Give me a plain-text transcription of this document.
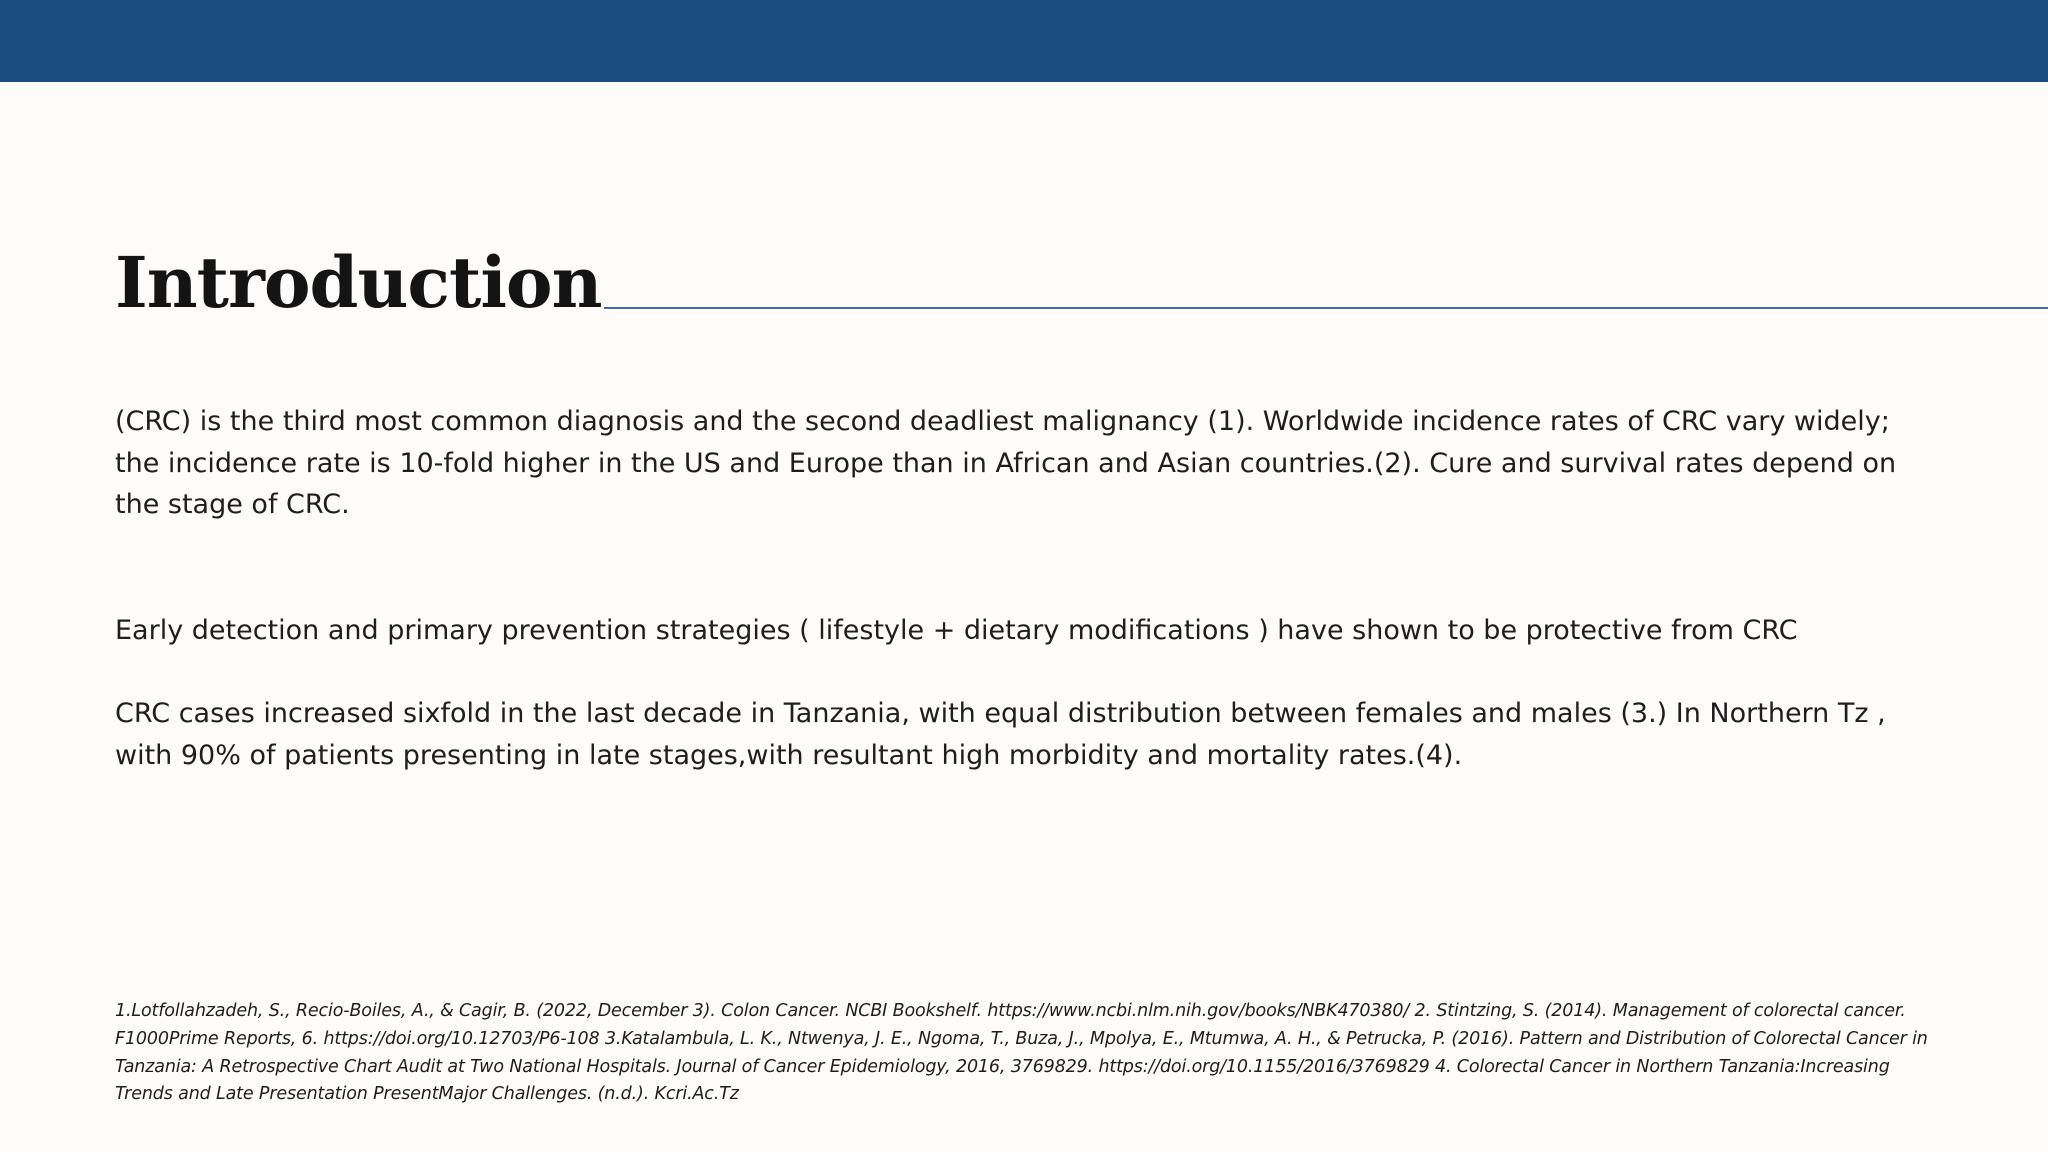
Introduction

(CRC) is the third most common diagnosis and the second deadliest malignancy (1). Worldwide incidence rates of CRC vary widely; the incidence rate is 10-fold higher in the US and Europe than in African and Asian countries.(2). Cure and survival rates depend on the stage of CRC.

Early detection and primary prevention strategies ( lifestyle + dietary modifications ) have shown to be protective from CRC

CRC cases increased sixfold in the last decade in Tanzania, with equal distribution between females and males (3.) In Northern Tz , with 90% of patients presenting in late stages,with resultant high morbidity and mortality rates.(4).

1.Lotfollahzadeh, S., Recio-Boiles, A., & Cagir, B. (2022, December 3). Colon Cancer. NCBI Bookshelf. https://www.ncbi.nlm.nih.gov/books/NBK470380/ 2. Stintzing, S. (2014). Management of colorectal cancer. F1000Prime Reports, 6. https://doi.org/10.12703/P6-108 3.Katalambula, L. K., Ntwenya, J. E., Ngoma, T., Buza, J., Mpolya, E., Mtumwa, A. H., & Petrucka, P. (2016). Pattern and Distribution of Colorectal Cancer in Tanzania: A Retrospective Chart Audit at Two National Hospitals. Journal of Cancer Epidemiology, 2016, 3769829. https://doi.org/10.1155/2016/3769829 4. Colorectal Cancer in Northern Tanzania:Increasing Trends and Late Presentation PresentMajor Challenges. (n.d.). Kcri.Ac.Tz
